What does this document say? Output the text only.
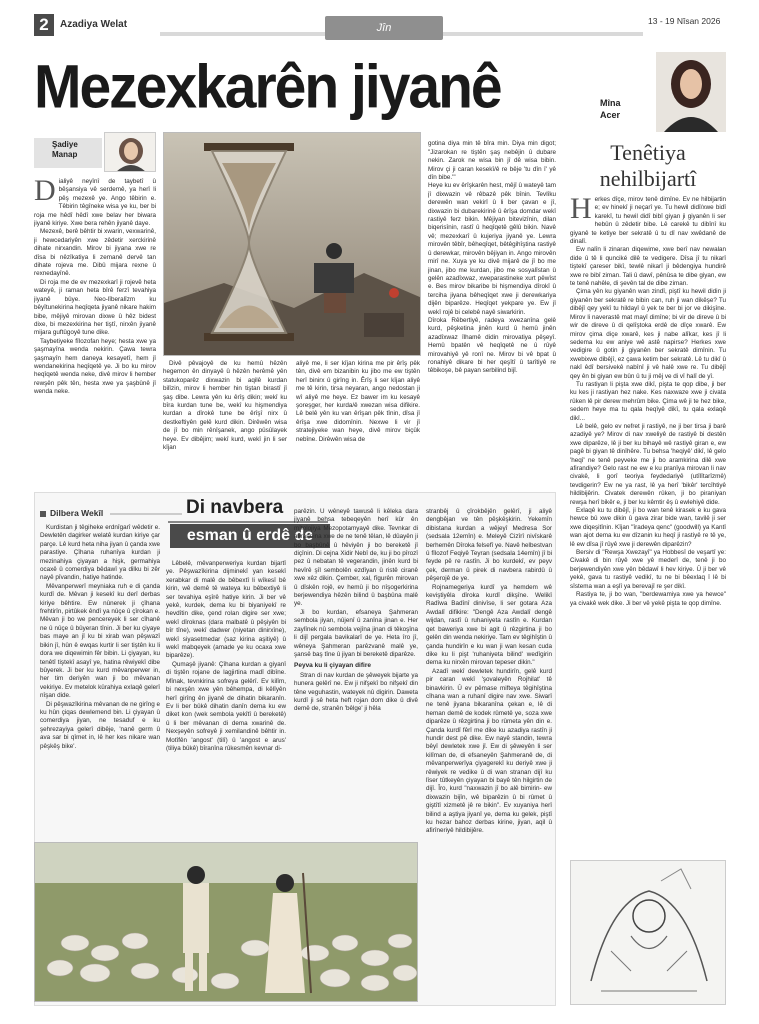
2	Azadiya Welat	Jîn
13 - 19 Nîsan 2026
Mezexkarên jiyanê
Şadiye
Manap
D ialiyê neyînî de taybetî û bêşansiya vê serdemê, ya herî li pêş mezexê ye. Ango têbirin e. Têbirin têgîneke wisa ye ku, ber bi roja me hêdî hêdî xwe belav her biwara jiyanê kiriye. Xwe bera rehên jiyanê daye.

Mezexê, berê bêhtir bi xwarin, vexwarinê, ji hewcedariyên xwe zêdetir xerckirinê dihate nirxandin. Mirov bi jiyana xwe re dîsa bi nêzîkatiya li zemanê dervê tan dihate rojeva me. Dibû mijara rexne û rexnedayînê.

Di roja me de ev mezexkarî ji rojevê heta wateyê, ji raman heta bîrê ferzî tevahiya jiyanê bûye. Neo-lîberalîzm ku bêyîtunekirina heqîqeta jiyanê nikare hakim bibe, mêjiyê mirovan dixwe û hêz bidest dixe, bi mezexkirina her tiştî, nirxên jiyanê mijara guftûgoyê tune dike.

Taybetiyeke fîlozofan heye; hesta xwe ya şaşmayîna wenda nekirin. Çawa tewra şaşmayîn hem daneya kesayetî, hem jî wendanekirina heqîqetê ye. Ji bo ku mirov heqîqetê wenda neke, divê mirov li hember rewşên pêk tên, hesta xwe ya şaşbûnê jî wenda neke.

Divê pêvajoyê de ku hemû hêzên hegemon ên dinyayê û hêzên herêmê yên statukoparêz dixwazin bi aqilê kurdan bilîzin, mirov li hember hin tiştan birastî jî şaş dibe. Lewra yên ku êrîş dikin; wekî ku bîra kurdan tune be, wekî ku hişmendiya kurdan a dîrokê tune be êrîşî nirx û destkeftiyên gelê kurd dikin. Dirêwên wisa de jî bo min rênîşanek, ango pûsûlayek heye. Ev dibêjim; wekî kurd, wekî jin li ser kîjan

aliyê me, li ser kîjan kirina me pir êrîş pêk tên, divê em bizanibin ku jibo me ew tiştên herî binirx û girîng in. Êrîş li ser kîjan aliyê me tê kirin, tirsa neyaran, ango nedostan ji wî aliyê me heye. Ez bawer im ku kesayê şoreşger, her kurda/ê xwezan wisa difikire. Lê belê yên ku van êrîşan pêk tînin, dîsa jî êrîşa xwe didomînin. Nexwe li vir jî stratejiyeke wan heye, divê mirov biçûk nebîne. Dirêwên wisa de

gotina diya min tê bîra min. Diya min digot; "Jizarokan re tiştên şaş nebêjin û dubare nekin. Zarok ne wisa bin jî dê wisa bibin. Mirov çi ji caran kesekî/ê re bêje 'tu dîn î' yê dîn bibe.'"
Heye ku ev êrîşkarên hest, mêjî û wateyê tam jî dixwazin vê rêbazê pêk bînin. Tevlîku derewên wan vekirî û li ber çavan e jî, dixwazin bi dubarekirinê û êrîşa domdar wekî rastiyê ferz bikin. Mêjiyan bitevizînin, dilan biqerisînin, rastî û heqîqetê gêlû bikin. Navê vê; mezexkarî û kujeriya jiyanê ye. Lewra mirovên têbîr, bêheqîqet, bêtêgihîştina rastiyê û derewkar, mirovên bêjiyan in. Ango mirovên mirî ne. Xuya ye ku divê mijarê de jî bo me jinan, jibo me kurdan, jibo me sosyalîstan û gelên azadîxwaz, xweparastineke xurt pêwîst e. Bes mirov bikaribe bi hişmendiya dîrokî û terciha jiyana bêheqîqet xwe ji derewkariya dijên biparêze. Heqîqet yekpare ye. Ew jî wekî rojê bi celebê nayê siwarkirin.
Dîroka Rêbertiyê, radeya xwezanîna gelê kurd, pêşketina jinên kurd û hemû jinên azadîxwaz îlhamê didin mirovatiya pêşeyî. Hemû bpatên vê heqîqetê ne û rûyê mirovahiyê yê ronî ne. Mirov bi vê bpat û ronahiyê dikare bi her qeşîtî û tarîtiyê re têbikoşe, bê payan serbilind bijî.

Mîna
Acer
Tenêtiya
nehilbijartî
H erkes dîçe, mirov tenê dimîne. Ev ne hilbijartin e; ev hinekî ji neçarî ye. Tu hewil didî/xwe bidî karekî, tu hewil didî bibî giyan ji giyanên li ser hebûn û zêdetir bibe. Lê carekê tu dibînî ku giyanê te ketiye ber sekratê û tu dî nav xwêdanê de dinalî.

Ew nalîn li zinaran diqewime, xwe berî nav newalan dide û tê li qunciké dilê te vedigere. Dîsa jî tu nikarî tiştekî çareser bikî, tewlê nikarî ji bêdengiya hundirê xwe re bibî ziman. Tali û dawî, pênûsa te dibe giyan, ew te tenê nahêle, di şevên tal de dibe ziman.

Çima yên ku giyanên wan zindî, piştî ku hewil didin ji giyanên ber sekratê re bibin can, ruh ji wan dikêşe? Tu dibêjî qey yekî tu hildayî û yek te ber bi jor ve dikişîne. Mirov li naverastê mat mayî dimîne; bi vir de direve û bi wir de direve û di qelîştoka erdê de dîçe xwarê. Ew mirov çima diçe xwarê, kes ji nabe alîkar, kes jî li sedema ku ew aniye wê astê napirse? Herkes xwe vedigire û gotin ji giyanên ber sekratê dimînin. Tu xwebixwe dibêjî, ez çawa ketim ber sekratê. Lê tu dikî û nakî êdî bersivekê nabînî ji vê halê xwe re. Tu dibêjî qey ên bi giyan ew bûn û tu ji mêj ve di vî halî de yî.

Tu rastiyan li pişta xwe dikî, pişta te qop dibe, ji ber ku kes ji rastiyan hez nake. Kes naxwaze xwe ji civata rûken lê pir derew mehrûm bike. Çima wê ji te hez bike, sedem heye ma tu qala heqîyê dikî, tu qala exlaqê dikî...

Lê belê, gelo ev nefret ji rastiyê, ne ji ber tirsa ji barê azadiyê ye? Mirov di nav xweliyê de rastiyê bi destên xwe diparêze, lê ji ber ku bihayê wê rastiyê giran e, ew pagê bi giyan tê dinîhêre. Tu behsa 'heqiyê' dikî, lê gelo 'heqî' ne tenê peyveke me ji bo aramkirina dilê xwe afirandiye? Gelo rast ne ew e ku pranîya mirovan li nav civakê, li gorî teoriya feydedariyê (utîlîtarîzmê) tevdigerin? Ew ne ya rast, lê ya herî 'bikêr' tercîhtiyê hildibijêrin. Civatek derewên rûken, ji bo piraniyan rewşa herî bikêr e, ji ber ku kêmtir êş û ewlehiyê dide.

Exlaqê ku tu dibêjî, ji bo wan tenê kirasek e ku gava hewce bû xwe dikin û gava zirar bide wan, tavilê ji ser xwe diqeşitînin. Kîjan "îradeya qenc" (goodwill) ya Kantî wan ajot dema ku ew dîzanin ku heqî ji rastiyê re tê ye, lê ew dîsa jî rûyê xwe ji derewên diparêzin?

Bersiv di "Rewşa Xwezayî" ya Hobbesî de veşartî ye: Civakê di bin rûyê xwe yê mederî de, tenê ji bo berjewendiyên xwe yên bêdawî li hev kiriye. Û ji ber vê yekê, gava tu rastiyê vedikî, tu ne bi bêexlaq î lê bi sîstema wan a eşlî ya berevajî re şer dikî.

Rastiya te, ji bo wan, "berdewamiya xwe ya hewce" ya civakê wek dike. Ji ber vê yekê pişta te qop dimîne.

Dilbera Wekîl	Di navbera
esman û erdê de

Kurdistan ji têgiheke erdnîgarî wêdetir e. Dewletên dagirker welatê kurdan kiriye çar parçe. Lê kurd heta niha jiyan û çanda xwe parastiye. Çîhana ruhanîya kurdan ji mezinahiya çiyayan a hişk, germahiya ocaxê û comerdiya bêdawî ya dilku bi zêr nayê pîvandin, hatiye hatinde.

Mêvanperwerî meyniaka ruh e di çanda kurdî de. Mêvan ji kesekî ku derî derbas kiriye bêhtire. Ew nûnerek ji çîhana frehtirîn, pirtûkek êndî ya nûçe û çîrokan e. Mêvan ji bo we pencereyek li ser cîhanê ne û nûçe û bûyeran tînin. Ji ber ku çiyaye bas maye an jî ku bi xirab wan pêşwazî bikin jî, hûn ê ewqas kurtir li ser tiştên ku li dora we diqewimin fêr bibin. Li çiyayan, ku tenêtî tiştekî asayî ye, hatina rêwiyekî dibe bûyerek. Ji ber ku kurd mêvanperwer in, her tim deriyên wan ji bo mêvanan vekiriye. Ev metelok kûrahiya exlaqê gelerî nîşan dide.

Di pêşwazîkirina mêvanan de ne girîng e ku hûn çiqas dewlemend bin. Li çiyayan û comerdiya jiyan, ne tesaduf e ku şehrezayiya gelerî dibêje, 'nanê germ û ava sar bi qîmet in, lê her kes nikare wan pêşkêş bike'.

Lêbelê, mêvanperweriya kurdan bijartî ye. Pêşwazîkirina dijminekî yan kesekî xerabkar di malê de bêbextî li wîkesî bê kirin, wê demê tê wateya ku bêbextiyê li ser tevahiya eşîrê hatiye kirin. Ji ber vê yekê, kurdek, dema ku bi biyaniyekî re hevdîtin dike, çend rolan digire ser xwe; wekî dîroknas (dara malbatê û pêşiyên bi bîr tîne), wekî dadwer (niyetan dinirxîne), wekî siyasetmedar (saz kirina aşitiyê) û wekî mabqeyek (amade ye ku ocaxa xwe biparêze).

Qumaşê jiyanê: Çîhana kurdan a giyanî di tiştên rojane de lagjirtina madî dibîne. Mînak, tevnkirina sofreya gelêrî. Ev kilîm, bi nexşên xwe yên bêhempa, di kêlîyên herî girîng ên jiyanê de dihatin bikaranîn. Ev li ber bûkê dihatin danîn dema ku ew diket kon (wek sembola yekîtî û bereketê) û li ber mêvanan di dema xwarinê de. Nexşeyên sofreyê ji xemilandinê bêhtir in. Motîfên 'angost' (tilî) û 'angost e arus' (tiliya bûkê) bîranîna rûkesmên kevnar di-

parêzin. Û wêneyê tawusê li kêleka dara jiyanê behsa tebeqeyên herî kûr ên mîtolojiya Mezopotamyayê dike. Tevnkar di afirandina xwe de ne tenê têlan, lê dûayên ji bo başbûnê û hêviyên ji bo bereketê jî diçînin. Di cejna Xidir Nebî de, ku ji bo pîrozî pez û nebatan tê vegerandin, jinên kurd bi hevîrê şîl sembolên ezdîyan û ristê ciranê xwe xêz dikin. Çember, xal, fîgurên mirovan û dîskên rojê, ev hemû ji bo nîşogerkirina berjewendiya hêzên bilind û başbûna malê ye.

Ji bo kurdan, efsaneya Şahmeran sembola jiyan, nûjenî û zanîna jinan e. Her zaylînek nû sembola vejîna jinan di têkoşîna li dijî pergala bavikalarî de ye. Heta îro jî, wêneya Şahmeran parêzvanê malê ye, şansê baş tîne û jiyan bi bereketê diparêze.

Peyva ku li çiyayan difire

Stran di nav kurdan de şêweyek bijarte ya hunera gelêrî ne. Ew ji nifşekî bo nifşekî din têne veguhastin, wateyek nû digirin. Daweta kurdî ji sê heta heft rojan dom dike û divê demê de, stranên 'bêlge' ji hêla

stranbêj û çîrokbêjên gelêrî, ji aliyê dengbêjan ve tên pêşkêşkirin. Yekemîn dibistana kurdan a wêjeyî Medresa Sor (sedsala 12emîn) e. Meleyê Cizîrî nivîskarê berhemên Dîroka felsefî ye. Navê helbestvan û fîlozof Feqiyê Teyran (sedsala 14emîn) jî bi feyde pê re rastîn. Ji bo kurdekî, ev peyv çek, derman û pirek di navbera rabirdû û pêşerojê de ye.

Rojnamegeriya kurdî ya hemdem wê keviştiyêla dîroka kurdî dikşîne. Welikî Radîwa Badînî dinivîse, li ser gotara Aza Awdalî difikire: "Dengê Aza Awdalî dengê wijdan, rastî û ruhaniyeta rastîn e. Kurdan qet baweriya xwe bi agit û rêzgirtina ji bo gelên din wenda nekiriye. Tam ev têgihîştin û çanda hundirîn e ku wan ji wan kesan cuda dike ku li pişt 'ruhaniyeta bilind' wedîgirin dema ku nirxên mirovan tepeser dikin."

Azadî wekî dewletek hundirîn, gelê kurd pir caran wekî 'şovaleyên Rojhilat' tê binavkirin. Û ev pêmase mifteya têgihîştina cîhana wan a ruhanî digire nav xwe. Siwarî ne tenê jiyana bikaranîna çekan e, lê di heman demê de kodek rûmetê ye, soza xwe diparêze û rêzgirtina ji bo rûmeta yên din e. Çanda kurdî fêrî me dike ku azadiya rastîn ji hundir dest pê dike. Ew nayê standin, tewra bêyî dewletek xwe jî. Ew di şêweyên li ser kilîman de, di efsaneyên Şahmeranê de, di mêvanperwerîya çiyagerekî ku deriyê xwe ji rêwiyek re vedike û di wan stranan dijî ku lîser tûtkeyên çiyayan bi bayê tên hilgirtin de dijî. Îro, kurd "naxwazin jî bo alê bimirin- ew dixwazin bijîn, wê biparêzin û bi rûmet û giştîtî xizmetê jê re bikin". Ev xuyaniya herî bilind a aştiya jiyanî ye, dema ku gelek, piştî ku hezar bahoz derbas kirine, jiyan, aqil û afirîneriyê hildibijêre.
